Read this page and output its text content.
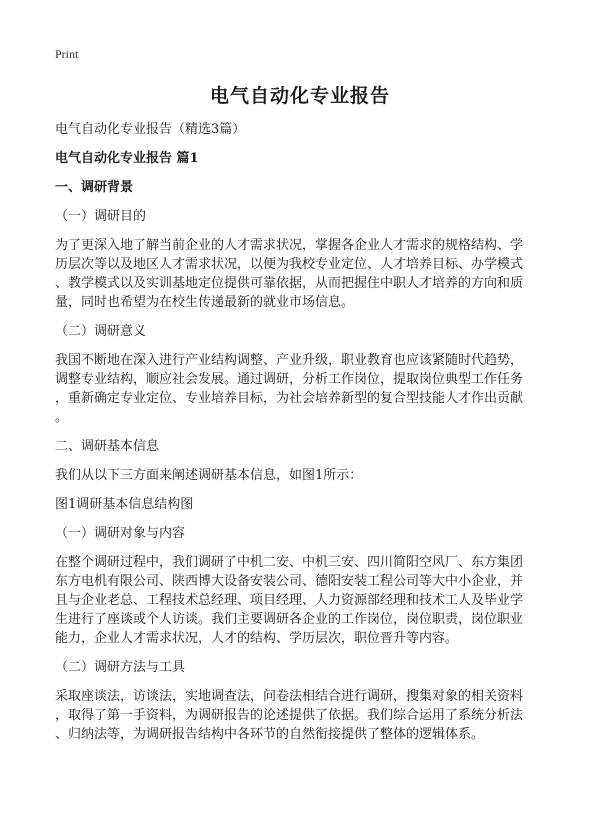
Print
电气自动化专业报告

电气自动化专业报告（精选3篇）

电气自动化专业报告 篇1

一、调研背景

（一）调研目的

为了更深入地了解当前企业的人才需求状况，掌握各企业人才需求的规格结构、学

历层次等以及地区人才需求状况，以便为我校专业定位、人才培养目标、办学模式

、教学模式以及实训基地定位提供可靠依据，从而把握住中职人才培养的方向和质

量，同时也希望为在校生传递最新的就业市场信息。

（二）调研意义

我国不断地在深入进行产业结构调整、产业升级，职业教育也应该紧随时代趋势，

调整专业结构，顺应社会发展。通过调研，分析工作岗位，提取岗位典型工作任务

，重新确定专业定位、专业培养目标，为社会培养新型的复合型技能人才作出贡献

。

二、调研基本信息

我们从以下三方面来阐述调研基本信息，如图1所示：

图1调研基本信息结构图

（一）调研对象与内容

在整个调研过程中，我们调研了中机二安、中机三安、四川简阳空风厂、东方集团

东方电机有限公司、陕西博大设备安装公司、德阳安装工程公司等大中小企业，并

且与企业老总、工程技术总经理、项目经理、人力资源部经理和技术工人及毕业学

生进行了座谈或个人访谈。我们主要调研各企业的工作岗位，岗位职责，岗位职业

能力，企业人才需求状况，人才的结构、学历层次，职位晋升等内容。

（二）调研方法与工具

采取座谈法，访谈法，实地调查法，问卷法相结合进行调研，搜集对象的相关资料

，取得了第一手资料，为调研报告的论述提供了依据。我们综合运用了系统分析法

、归纳法等，为调研报告结构中各环节的自然衔接提供了整体的逻辑体系。
